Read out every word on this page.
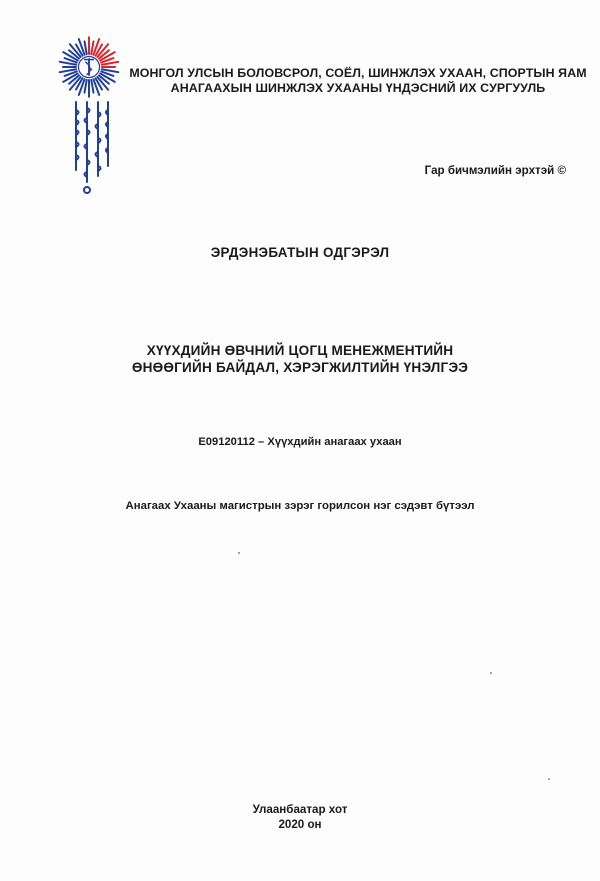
МОНГОЛ УЛСЫН БОЛОВСРОЛ, СОЁЛ, ШИНЖЛЭХ УХААН, СПОРТЫН ЯАМ
АНАГААХЫН ШИНЖЛЭХ УХААНЫ ҮНДЭСНИЙ ИХ СУРГУУЛЬ
Гар бичмэлийн эрхтэй ©
ЭРДЭНЭБАТЫН ОДГЭРЭЛ
ХҮҮХДИЙН ӨВЧНИЙ ЦОГЦ МЕНЕЖМЕНТИЙН
ӨНӨӨГИЙН БАЙДАЛ, ХЭРЭГЖИЛТИЙН ҮНЭЛГЭЭ
Е09120112 – Хүүхдийн анагаах ухаан
Анагаах Ухааны магистрын зэрэг горилсон нэг сэдэвт бүтээл
Улаанбаатар хот
2020 он
